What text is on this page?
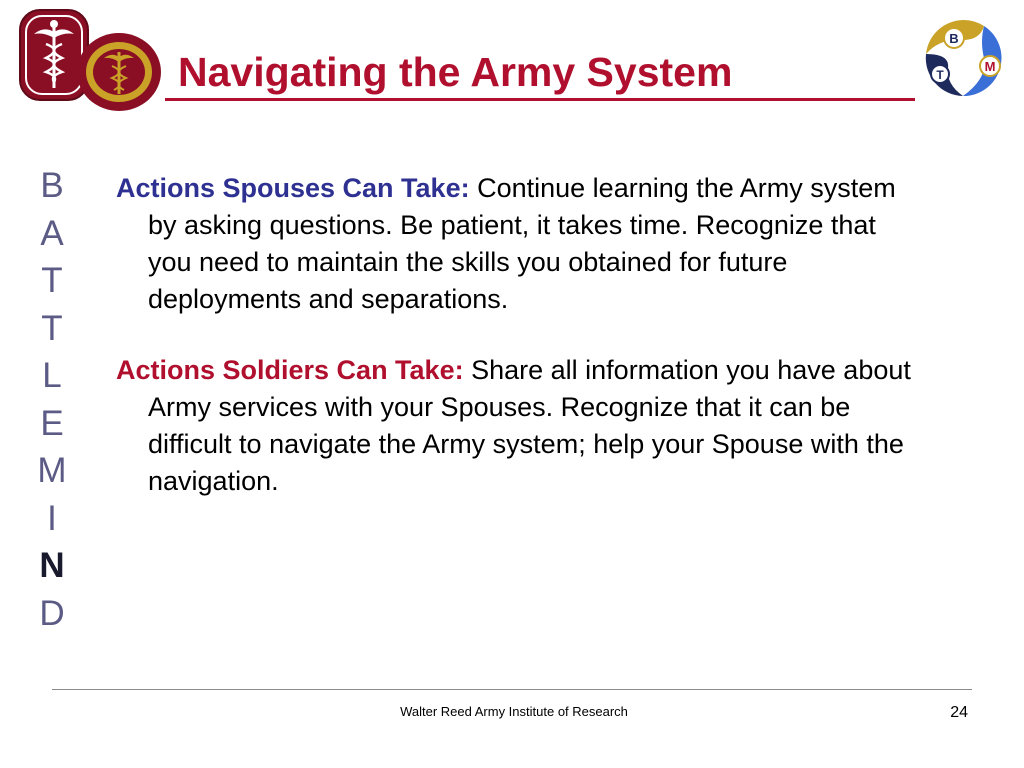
Navigating the Army System
B
T
M
B
A
T
T
L
E
M
I
N
D

Actions Spouses Can Take: Continue learning the Army system by asking questions. Be patient, it takes time. Recognize that you need to maintain the skills you obtained for future deployments and separations.

Actions Soldiers Can Take: Share all information you have about Army services with your Spouses. Recognize that it can be difficult to navigate the Army system; help your Spouse with the navigation.

Walter Reed Army Institute of Research	24
